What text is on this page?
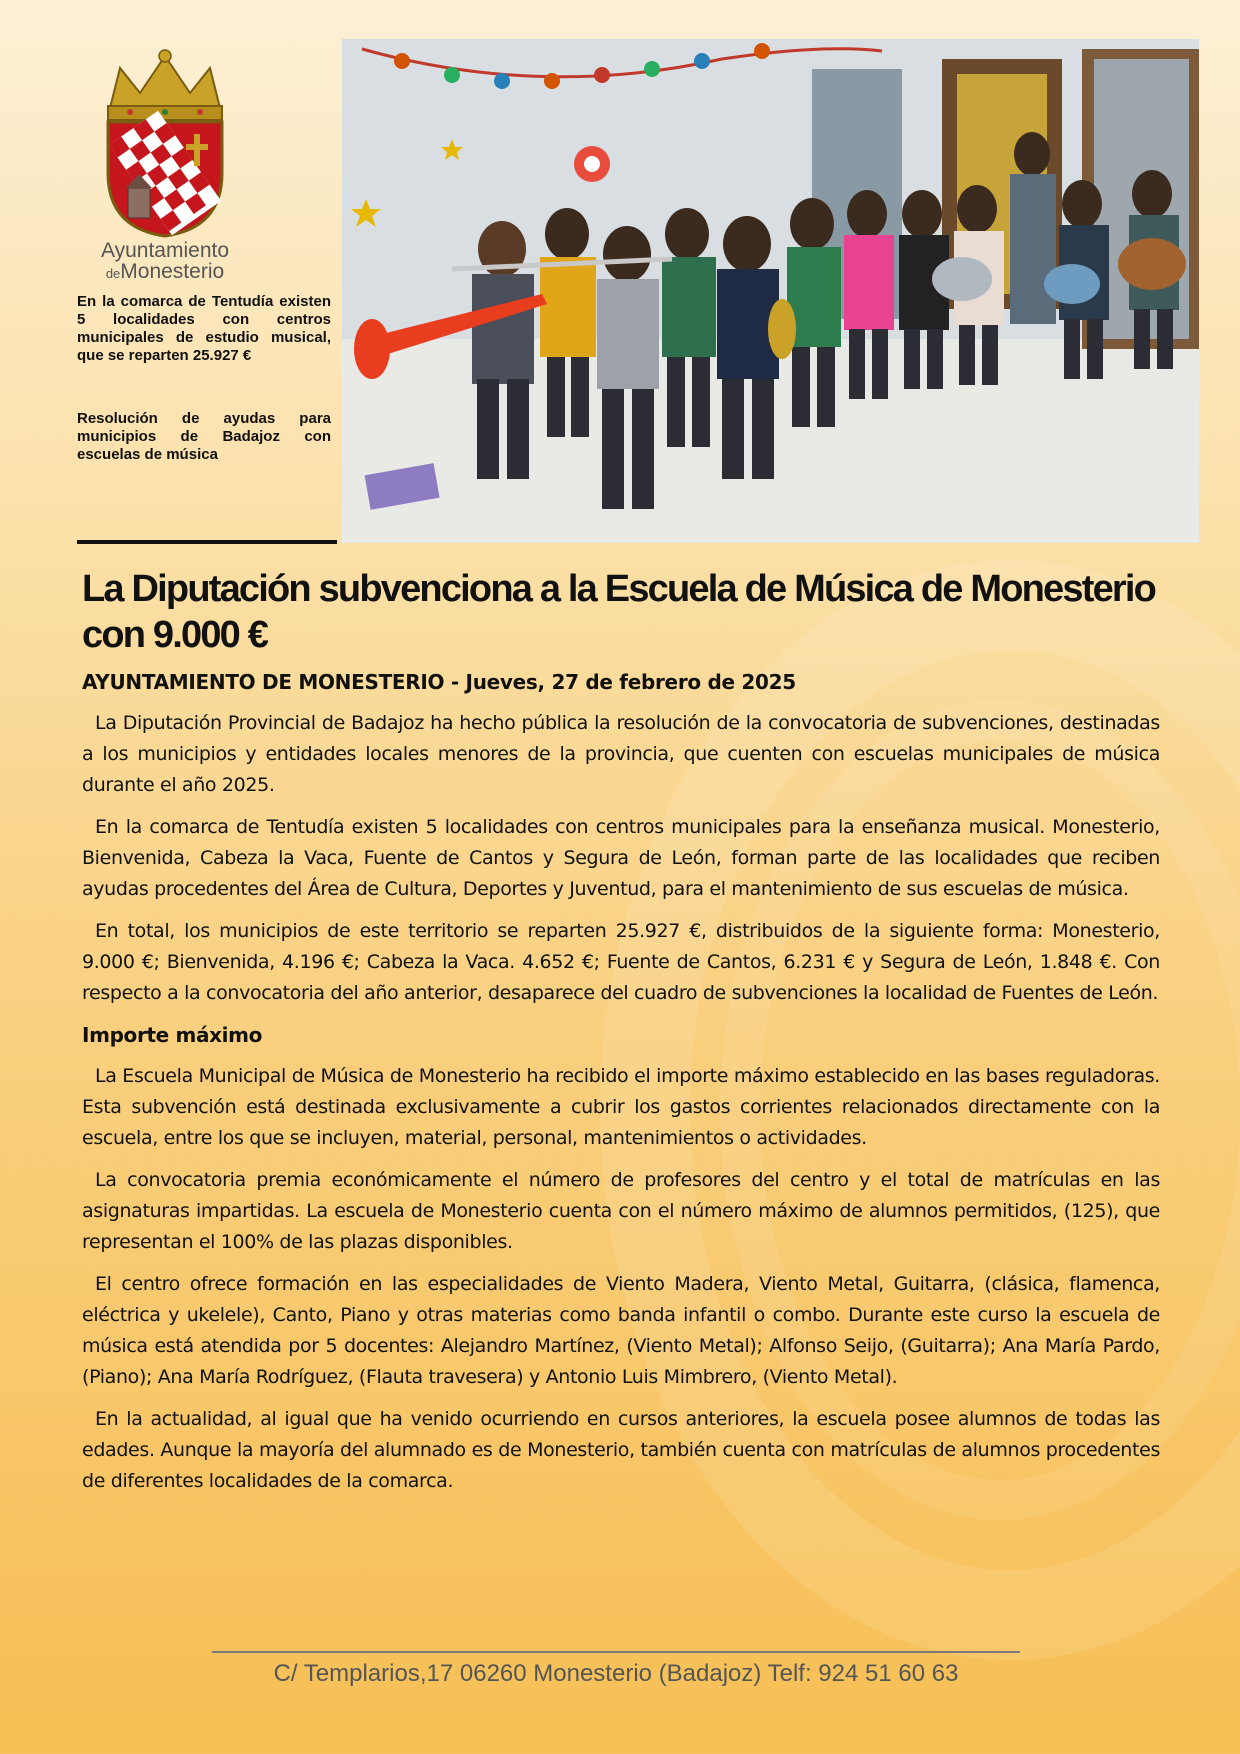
Ayuntamiento
deMonesterio
En la comarca de Tentudía existen 5 localidades con centros municipales de estudio musical, que se reparten 25.927 €
Resolución de ayudas para municipios de Badajoz con escuelas de música
La Diputación subvenciona a la Escuela de Música de Monesterio con 9.000 €
AYUNTAMIENTO DE MONESTERIO - Jueves, 27 de febrero de 2025

La Diputación Provincial de Badajoz ha hecho pública la resolución de la convocatoria de subvenciones, destinadas a los municipios y entidades locales menores de la provincia, que cuenten con escuelas municipales de música durante el año 2025.

En la comarca de Tentudía existen 5 localidades con centros municipales para la enseñanza musical. Monesterio, Bienvenida, Cabeza la Vaca, Fuente de Cantos y Segura de León, forman parte de las localidades que reciben ayudas procedentes del Área de Cultura, Deportes y Juventud, para el mantenimiento de sus escuelas de música.

En total, los municipios de este territorio se reparten 25.927 €, distribuidos de la siguiente forma: Monesterio, 9.000 €; Bienvenida, 4.196 €; Cabeza la Vaca. 4.652 €; Fuente de Cantos, 6.231 € y Segura de León, 1.848 €. Con respecto a la convocatoria del año anterior, desaparece del cuadro de subvenciones la localidad de Fuentes de León.

Importe máximo

La Escuela Municipal de Música de Monesterio ha recibido el importe máximo establecido en las bases reguladoras. Esta subvención está destinada exclusivamente a cubrir los gastos corrientes relacionados directamente con la escuela, entre los que se incluyen, material, personal, mantenimientos o actividades.

La convocatoria premia económicamente el número de profesores del centro y el total de matrículas en las asignaturas impartidas. La escuela de Monesterio cuenta con el número máximo de alumnos permitidos, (125), que representan el 100% de las plazas disponibles.

El centro ofrece formación en las especialidades de Viento Madera, Viento Metal, Guitarra, (clásica, flamenca, eléctrica y ukelele), Canto, Piano y otras materias como banda infantil o combo. Durante este curso la escuela de música está atendida por 5 docentes: Alejandro Martínez, (Viento Metal); Alfonso Seijo, (Guitarra); Ana María Pardo, (Piano); Ana María Rodríguez, (Flauta travesera) y Antonio Luis Mimbrero, (Viento Metal).

En la actualidad, al igual que ha venido ocurriendo en cursos anteriores, la escuela posee alumnos de todas las edades. Aunque la mayoría del alumnado es de Monesterio, también cuenta con matrículas de alumnos procedentes de diferentes localidades de la comarca.

C/ Templarios,17 06260 Monesterio (Badajoz) Telf: 924 51 60 63
